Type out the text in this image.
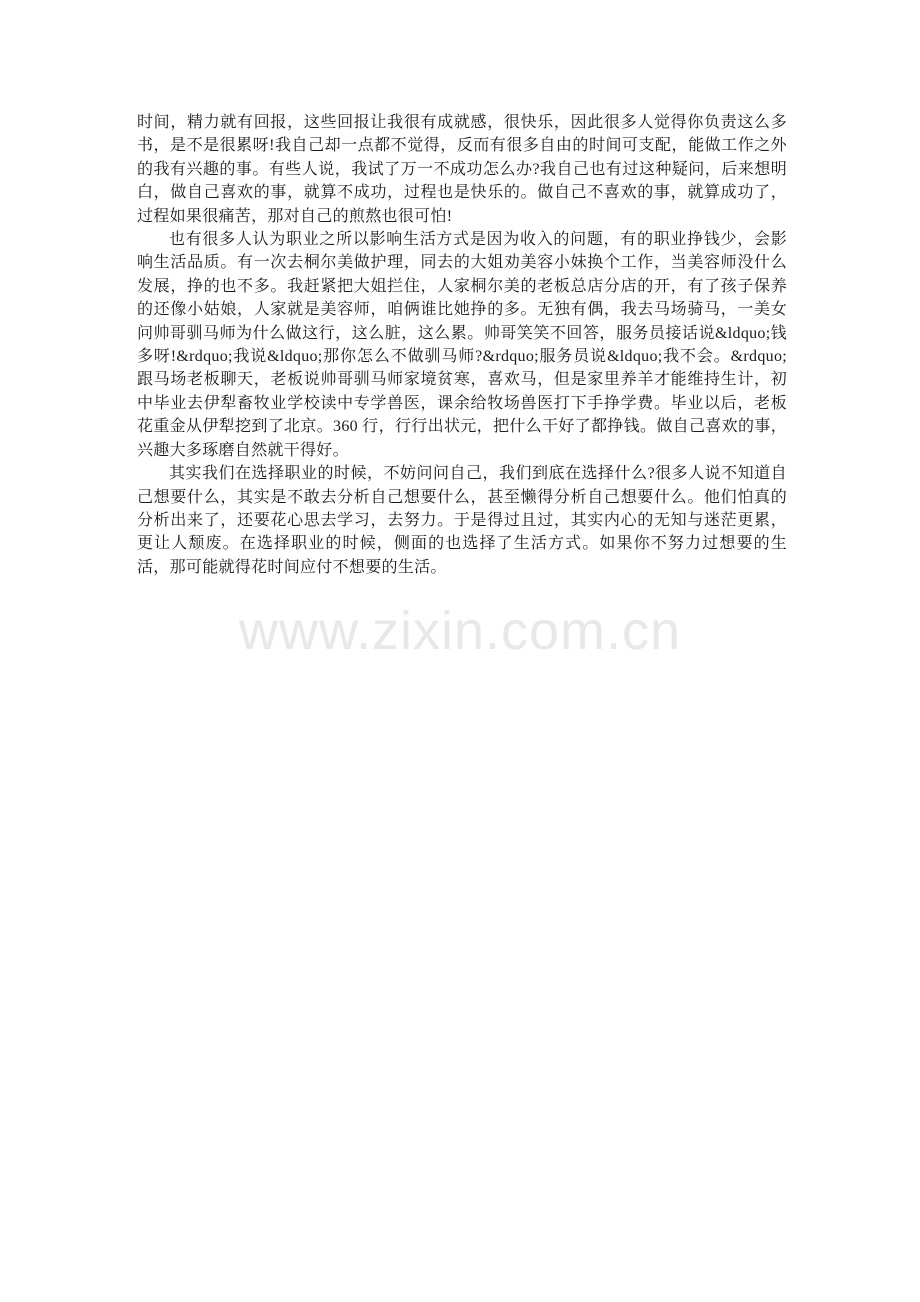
时间，精力就有回报，这些回报让我很有成就感，很快乐，因此很多人觉得你负责这么多书，是不是很累呀!我自己却一点都不觉得，反而有很多自由的时间可支配，能做工作之外的我有兴趣的事。有些人说，我试了万一不成功怎么办?我自己也有过这种疑问，后来想明白，做自己喜欢的事，就算不成功，过程也是快乐的。做自己不喜欢的事，就算成功了，过程如果很痛苦，那对自己的煎熬也很可怕!

也有很多人认为职业之所以影响生活方式是因为收入的问题，有的职业挣钱少，会影响生活品质。有一次去桐尔美做护理，同去的大姐劝美容小妹换个工作，当美容师没什么发展，挣的也不多。我赶紧把大姐拦住，人家桐尔美的老板总店分店的开，有了孩子保养的还像小姑娘，人家就是美容师，咱俩谁比她挣的多。无独有偶，我去马场骑马，一美女问帅哥驯马师为什么做这行，这么脏，这么累。帅哥笑笑不回答，服务员接话说&ldquo;钱多呀!&rdquo;我说&ldquo;那你怎么不做驯马师?&rdquo;服务员说&ldquo;我不会。&rdquo;跟马场老板聊天，老板说帅哥驯马师家境贫寒，喜欢马，但是家里养羊才能维持生计，初中毕业去伊犁畜牧业学校读中专学兽医，课余给牧场兽医打下手挣学费。毕业以后，老板花重金从伊犁挖到了北京。360 行，行行出状元，把什么干好了都挣钱。做自己喜欢的事，兴趣大多琢磨自然就干得好。

其实我们在选择职业的时候，不妨问问自己，我们到底在选择什么?很多人说不知道自己想要什么，其实是不敢去分析自己想要什么，甚至懒得分析自己想要什么。他们怕真的分析出来了，还要花心思去学习，去努力。于是得过且过，其实内心的无知与迷茫更累，更让人颓废。在选择职业的时候，侧面的也选择了生活方式。如果你不努力过想要的生活，那可能就得花时间应付不想要的生活。

www.zixin.com.cn
